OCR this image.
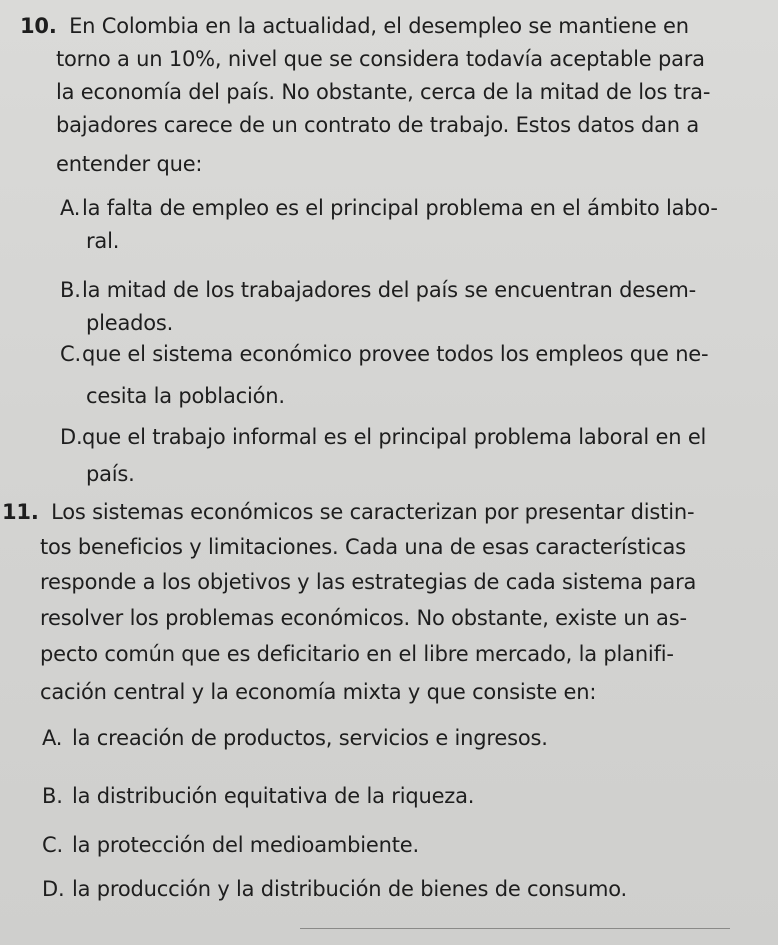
10. En Colombia en la actualidad, el desempleo se mantiene en
torno a un 10%, nivel que se considera todavía aceptable para
la economía del país. No obstante, cerca de la mitad de los tra-
bajadores carece de un contrato de trabajo. Estos datos dan a
entender que:
A.la falta de empleo es el principal problema en el ámbito labo-
ral.
B.la mitad de los trabajadores del país se encuentran desem-
pleados.
C.que el sistema económico provee todos los empleos que ne-
cesita la población.
D.que el trabajo informal es el principal problema laboral en el
país.
11. Los sistemas económicos se caracterizan por presentar distin-
tos beneficios y limitaciones. Cada una de esas características
responde a los objetivos y las estrategias de cada sistema para
resolver los problemas económicos. No obstante, existe un as-
pecto común que es deficitario en el libre mercado, la planifi-
cación central y la economía mixta y que consiste en:
A. la creación de productos, servicios e ingresos.
B. la distribución equitativa de la riqueza.
C. la protección del medioambiente.
D. la producción y la distribución de bienes de consumo.
